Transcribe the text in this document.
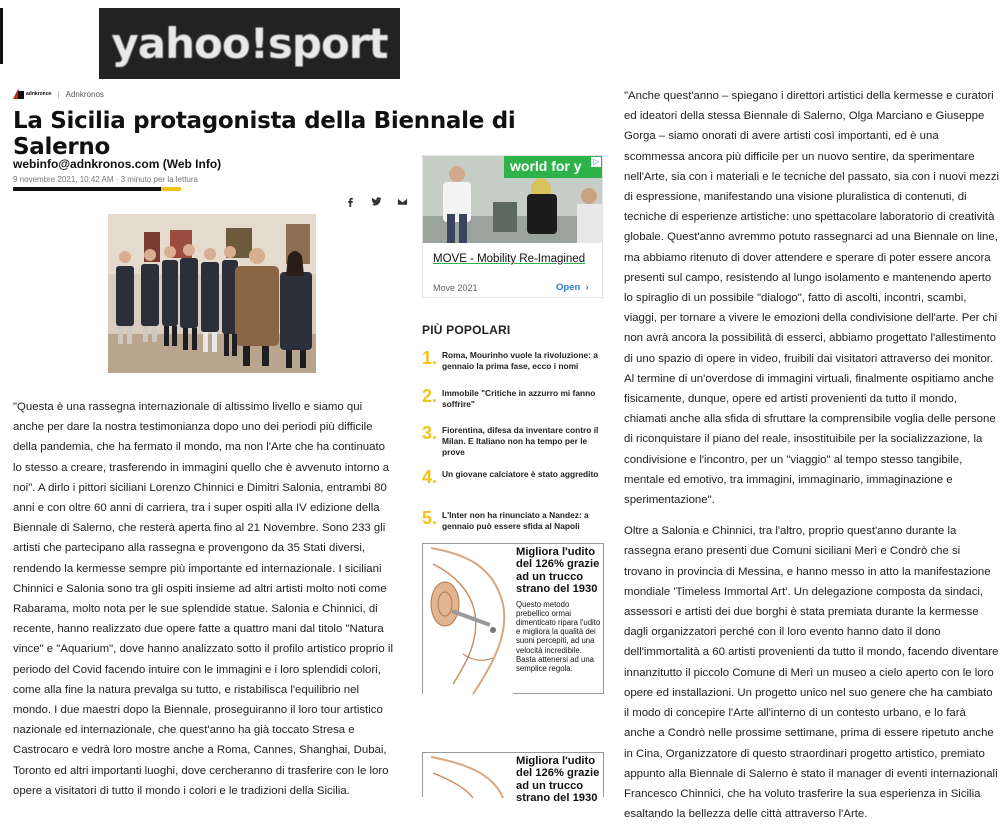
yahoo!sport
adnkronos | Adnkronos
La Sicilia protagonista della Biennale di Salerno
webinfo@adnkronos.com (Web Info)
9 novembre 2021, 10:42 AM · 3 minuto per la lettura
"Questa è una rassegna internazionale di altissimo livello e siamo qui anche per dare la nostra testimonianza dopo uno dei periodi più difficile della pandemia, che ha fermato il mondo, ma non l'Arte che ha continuato lo stesso a creare, trasferendo in immagini quello che è avvenuto intorno a noi". A dirlo i pittori siciliani Lorenzo Chinnici e Dimitri Salonia, entrambi 80 anni e con oltre 60 anni di carriera, tra i super ospiti alla IV edizione della Biennale di Salerno, che resterà aperta fino al 21 Novembre. Sono 233 gli artisti che partecipano alla rassegna e provengono da 35 Stati diversi, rendendo la kermesse sempre più importante ed internazionale. I siciliani Chinnici e Salonia sono tra gli ospiti insieme ad altri artisti molto noti come Rabarama, molto nota per le sue splendide statue. Salonia e Chinnici, di recente, hanno realizzato due opere fatte a quattro mani dal titolo "Natura vince" e "Aquarium", dove hanno analizzato sotto il profilo artistico proprio il periodo del Covid facendo intuire con le immagini e i loro splendidi colori, come alla fine la natura prevalga su tutto, e ristabilisca l'equilibrio nel mondo. I due maestri dopo la Biennale, proseguiranno il loro tour artistico nazionale ed internazionale, che quest'anno ha già toccato Stresa e Castrocaro e vedrà loro mostre anche a Roma, Cannes, Shanghai, Dubai, Toronto ed altri importanti luoghi, dove cercheranno di trasferire con le loro opere a visitatori di tutto il mondo i colori e le tradizioni della Sicilia.

"Anche quest'anno – spiegano i direttori artistici della kermesse e curatori ed ideatori della stessa Biennale di Salerno, Olga Marciano e Giuseppe Gorga – siamo onorati di avere artisti così importanti, ed è una scommessa ancora più difficile per un nuovo sentire, da sperimentare nell'Arte, sia con i materiali e le tecniche del passato, sia con i nuovi mezzi di espressione, manifestando una visione pluralistica di contenuti, di tecniche di esperienze artistiche: uno spettacolare laboratorio di creatività globale. Quest'anno avremmo potuto rassegnarci ad una Biennale on line, ma abbiamo ritenuto di dover attendere e sperare di poter essere ancora presenti sul campo, resistendo al lungo isolamento e mantenendo aperto lo spiraglio di un possibile "dialogo", fatto di ascolti, incontri, scambi, viaggi, per tornare a vivere le emozioni della condivisione dell'arte. Per chi non avrà ancora la possibilità di esserci, abbiamo progettato l'allestimento di uno spazio di opere in video, fruibili dai visitatori attraverso dei monitor. Al termine di un'overdose di immagini virtuali, finalmente ospitiamo anche fisicamente, dunque, opere ed artisti provenienti da tutto il mondo, chiamati anche alla sfida di sfruttare la comprensibile voglia delle persone di riconquistare il piano del reale, insostituibile per la socializzazione, la condivisione e l'incontro, per un "viaggio" al tempo stesso tangibile, mentale ed emotivo, tra immagini, immaginario, immaginazione e sperimentazione".

Oltre a Salonia e Chinnici, tra l'altro, proprio quest'anno durante la rassegna erano presenti due Comuni siciliani Merì e Condrò che si trovano in provincia di Messina, e hanno messo in atto la manifestazione mondiale 'Timeless Immortal Art'. Un delegazione composta da sindaci, assessori e artisti dei due borghi è stata premiata durante la kermesse dagli organizzatori perché con il loro evento hanno dato il dono dell'immortalità a 60 artisti provenienti da tutto il mondo, facendo diventare innanzitutto il piccolo Comune di Merì un museo a cielo aperto con le loro opere ed installazioni. Un progetto unico nel suo genere che ha cambiato il modo di concepire l'Arte all'interno di un contesto urbano, e lo farà anche a Condrò nelle prossime settimane, prima di essere ripetuto anche in Cina, Organizzatore di questo straordinari progetto artistico, premiato appunto alla Biennale di Salerno è stato il manager di eventi internazionali Francesco Chinnici, che ha voluto trasferire la sua esperienza in Sicilia esaltando la bellezza delle città attraverso l'Arte.

world for y	▷
MOVE - Mobility Re-Imagined
Move 2021	Open  ›
PIÙ POPOLARI
1. Roma, Mourinho vuole la rivoluzione: a gennaio la prima fase, ecco i nomi
2. Immobile "Critiche in azzurro mi fanno soffrire"
3. Fiorentina, difesa da inventare contro il Milan. E Italiano non ha tempo per le prove
4. Un giovane calciatore è stato aggredito
5. L'Inter non ha rinunciato a Nandez: a gennaio può essere sfida al Napoli
Migliora l'udito del 126% grazie ad un trucco strano del 1930
Questo metodo prebellico ormai dimenticato ripara l'udito e migliora la qualità dei suoni percepiti, ad una velocità incredibile. Basta attenersi ad una semplice regola.
Migliora l'udito del 126% grazie ad un trucco strano del 1930
